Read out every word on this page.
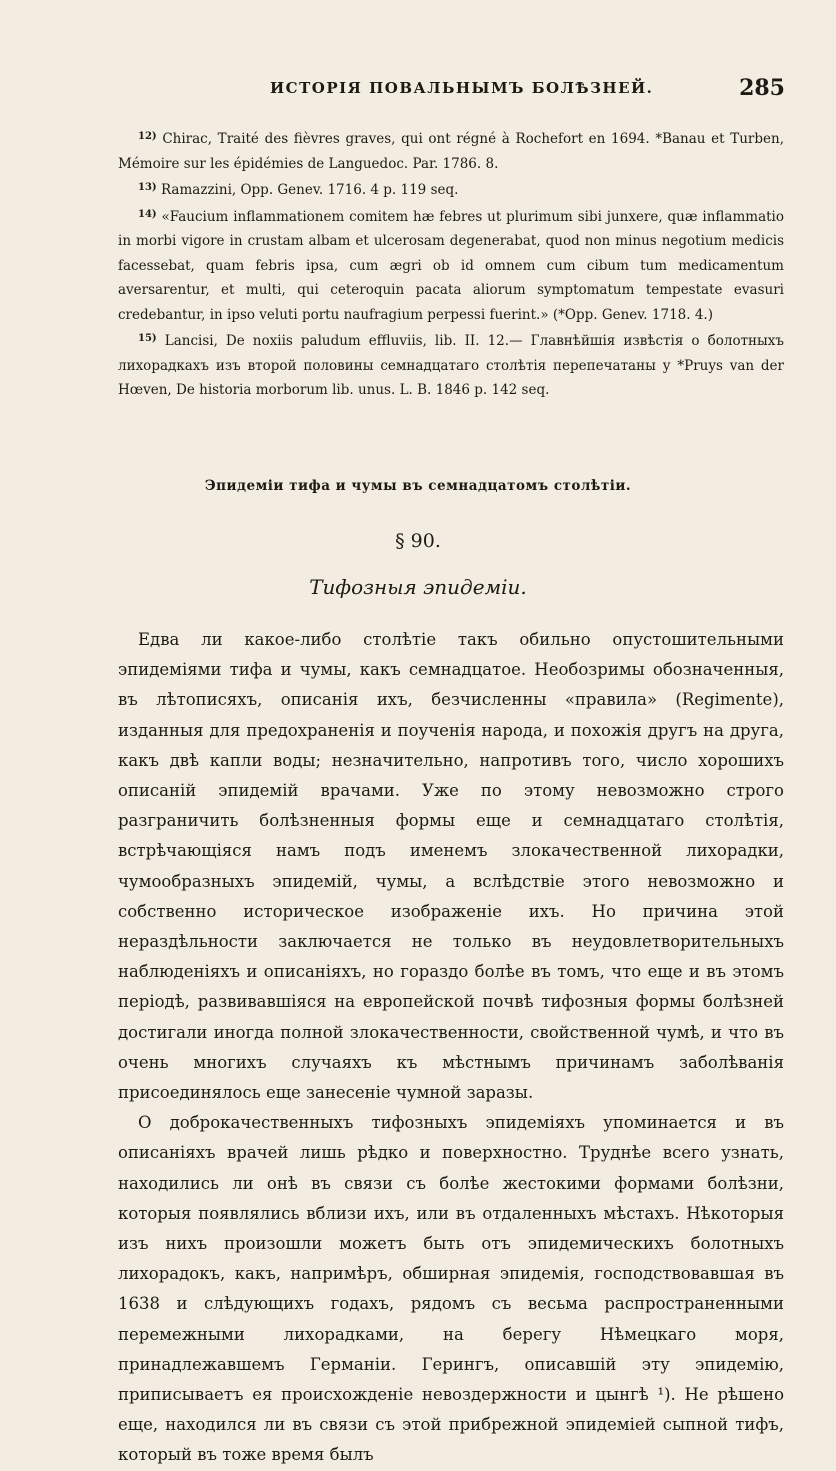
ИСТОРІЯ ПОВАЛЬНЫМЪ БОЛѢЗНЕЙ.	285

$^{12)}$ Chirac, Traité des fièvres graves, qui ont régné à Rochefort en 1694. *Banau et Turben, Mémoire sur les épidémies de Languedoc. Par. 1786. 8.

$^{13)}$ Ramazzini, Opp. Genev. 1716. 4 p. 119 seq.

$^{14)}$ «Faucium inflammationem comitem hæ febres ut plurimum sibi junxere, quæ inflammatio in morbi vigore in crustam albam et ulcerosam degenerabat, quod non minus negotium medicis facessebat, quam febris ipsa, cum ægri ob id omnem cum cibum tum medicamentum aversarentur, et multi, qui ceteroquin pacata aliorum symptomatum tempestate evasuri credebantur, in ipso veluti portu naufragium perpessi fuerint.» (*Opp. Genev. 1718. 4.)

$^{15)}$ Lancisi, De noxiis paludum effluviis, lib. II. 12.— Главнѣйшія извѣстія о болотныхъ лихорадкахъ изъ второй половины семнадцатаго столѣтія перепечатаны у *Pruys van der Hœven, De historia morborum lib. unus. L. B. 1846 p. 142 seq.

Эпидеміи тифа и чумы въ семнадцатомъ столѣтіи.
§ 90.
Тифозныя эпидеміи.

Едва ли какое-либо столѣтіе такъ обильно опустошительными эпидеміями тифа и чумы, какъ семнадцатое. Необозримы обозначенныя, въ лѣтописяхъ, описанія ихъ, безчисленны «правила» (Regimente), изданныя для предохраненія и поученія народа, и похожія другъ на друга, какъ двѣ капли воды; незначительно, напротивъ того, число хорошихъ описаній эпидемій врачами. Уже по этому невозможно строго разграничить болѣзненныя формы еще и семнадцатаго столѣтія, встрѣчающіяся намъ подъ именемъ злокачественной лихорадки, чумообразныхъ эпидемій, чумы, а вслѣдствіе этого невозможно и собственно историческое изображеніе ихъ. Но причина этой нераздѣльности заключается не только въ неудовлетворительныхъ наблюденіяхъ и описаніяхъ, но гораздо болѣе въ томъ, что еще и въ этомъ періодѣ, развивавшіяся на европейской почвѣ тифозныя формы болѣзней достигали иногда полной злокачественности, свойственной чумѣ, и что въ очень многихъ случаяхъ къ мѣстнымъ причинамъ заболѣванія присоединялось еще занесеніе чумной заразы.

О доброкачественныхъ тифозныхъ эпидеміяхъ упоминается и въ описаніяхъ врачей лишь рѣдко и поверхностно. Труднѣе всего узнать, находились ли онѣ въ связи съ болѣе жестокими формами болѣзни, которыя появлялись вблизи ихъ, или въ отдаленныхъ мѣстахъ. Нѣкоторыя изъ нихъ произошли можетъ быть отъ эпидемическихъ болотныхъ лихорадокъ, какъ, напримѣръ, обширная эпидемія, господствовавшая въ 1638 и слѣдующихъ годахъ, рядомъ съ весьма распространенными перемежными лихорадками, на берегу Нѣмецкаго моря, принадлежавшемъ Германіи. Герингъ, описавшій эту эпидемію, приписываетъ ея происхожденіе невоздержности и цынгѣ ¹). Не рѣшено еще, находился ли въ связи съ этой прибрежной эпидеміей сыпной тифъ, который въ тоже время былъ
